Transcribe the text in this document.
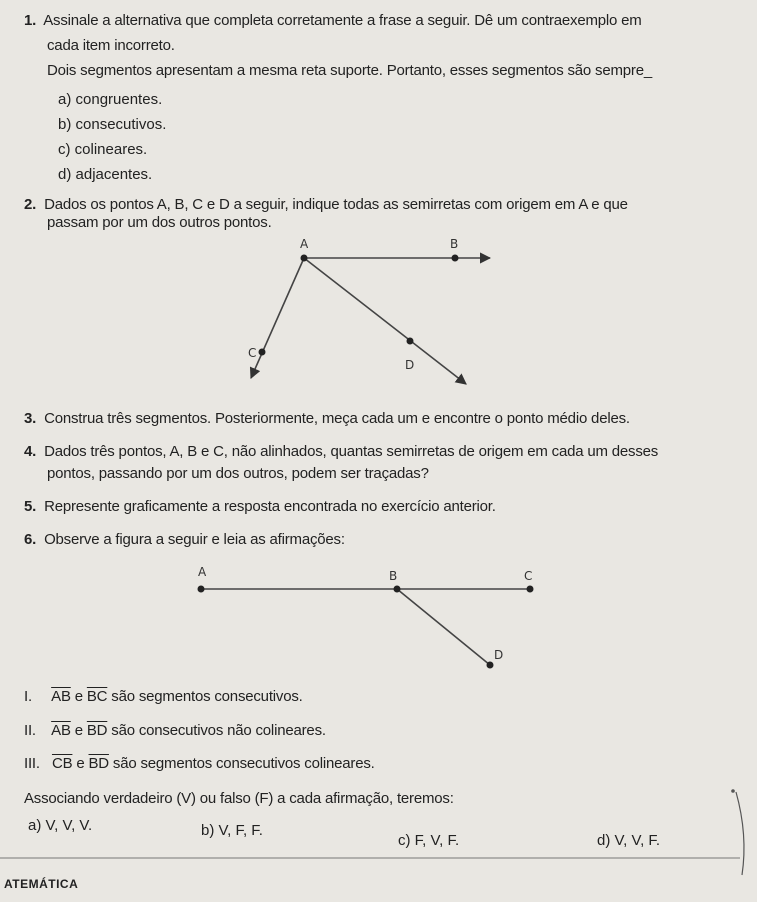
1. Assinale a alternativa que completa corretamente a frase a seguir. Dê um contraexemplo em
cada item incorreto.
Dois segmentos apresentam a mesma reta suporte. Portanto, esses segmentos são sempre_
a) congruentes.
b) consecutivos.
c) colineares.
d) adjacentes.
2. Dados os pontos A, B, C e D a seguir, indique todas as semirretas com origem em A e que
passam por um dos outros pontos.
A	B
C
D
A	B	C
D
3. Construa três segmentos. Posteriormente, meça cada um e encontre o ponto médio deles.
4. Dados três pontos, A, B e C, não alinhados, quantas semirretas de origem em cada um desses
pontos, passando por um dos outros, podem ser traçadas?
5. Represente graficamente a resposta encontrada no exercício anterior.
6. Observe a figura a seguir e leia as afirmações:
I. $\overline{AB}$ e $\overline{BC}$ são segmentos consecutivos.
II. $\overline{AB}$ e $\overline{BD}$ são consecutivos não colineares.
III. $\overline{CB}$ e $\overline{BD}$ são segmentos consecutivos colineares.
Associando verdadeiro (V) ou falso (F) a cada afirmação, teremos:
a) V, V, V.	b) V, F, F.
c) F, V, F.	d) V, V, F.
ATEMÁTICA
